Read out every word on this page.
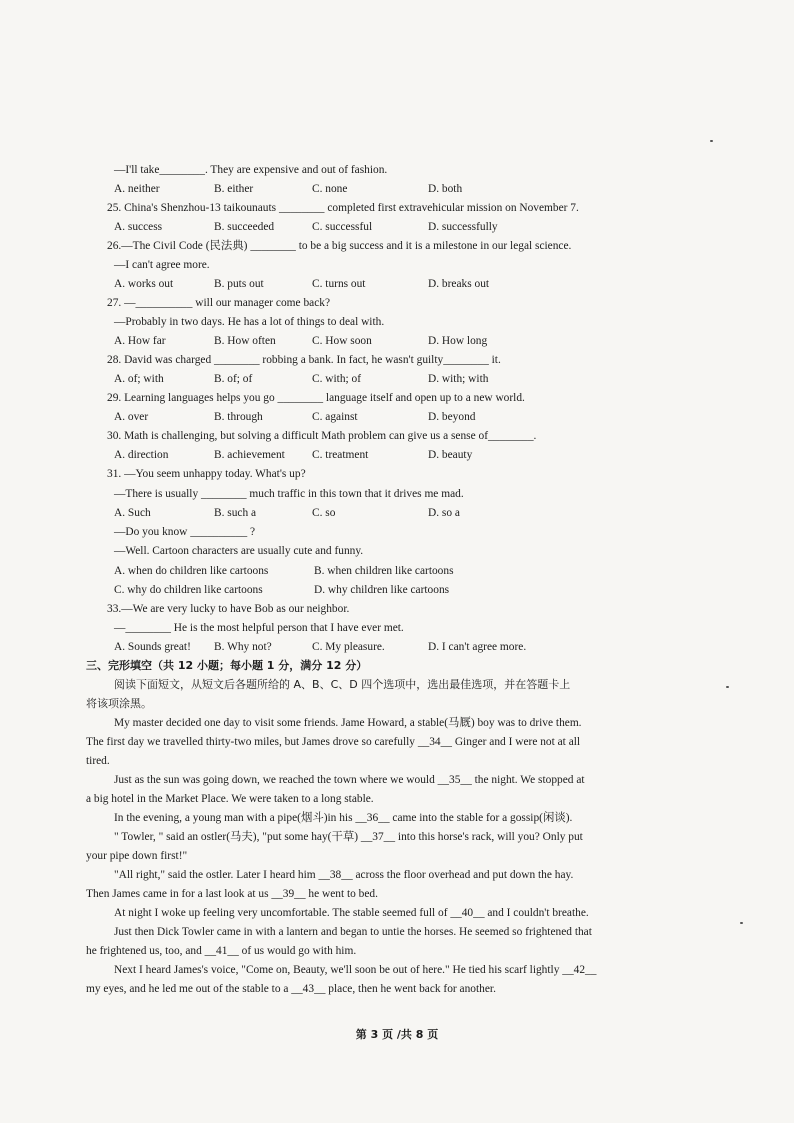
—I'll take________. They are expensive and out of fashion.
A. neither	B. either	C. none	D. both
25. China's Shenzhou-13 taikounauts ________ completed first extravehicular mission on November 7.
A. success	B. succeeded	C. successful	D. successfully
26.—The Civil Code (民法典) ________ to be a big success and it is a milestone in our legal science.
—I can't agree more.
A. works out	B. puts out	C. turns out	D. breaks out
27. —__________ will our manager come back?
—Probably in two days. He has a lot of things to deal with.
A. How far	B. How often	C. How soon	D. How long
28. David was charged ________ robbing a bank. In fact, he wasn't guilty________ it.
A. of; with	B. of; of	C. with; of	D. with; with
29. Learning languages helps you go ________ language itself and open up to a new world.
A. over	B. through	C. against	D. beyond
30. Math is challenging, but solving a difficult Math problem can give us a sense of________.
A. direction	B. achievement C. treatment	D. beauty
31. —You seem unhappy today. What's up?
—There is usually ________ much traffic in this town that it drives me mad.
A. Such	B. such a	C. so	D. so a
—Do you know __________ ?
—Well. Cartoon characters are usually cute and funny.
A. when do children like cartoons	B. when children like cartoons
C. why do children like cartoons	D. why children like cartoons
33.—We are very lucky to have Bob as our neighbor.
—________ He is the most helpful person that I have ever met.
A. Sounds great! B. Why not?	C. My pleasure.	D. I can't agree more.
三、完形填空（共 12 小题；每小题 1 分，满分 12 分）
阅读下面短文，从短文后各题所给的 A、B、C、D 四个选项中，选出最佳选项，并在答题卡上
将该项涂黑。
My master decided one day to visit some friends. Jame Howard, a stable(马厩) boy was to drive them.
The first day we travelled thirty-two miles, but James drove so carefully __34__ Ginger and I were not at all
tired.
Just as the sun was going down, we reached the town where we would __35__ the night. We stopped at
a big hotel in the Market Place. We were taken to a long stable.
In the evening, a young man with a pipe(烟斗)in his __36__ came into the stable for a gossip(闲谈).
" Towler, " said an ostler(马夫), "put some hay(干草) __37__ into this horse's rack, will you? Only put
your pipe down first!"
"All right," said the ostler. Later I heard him __38__ across the floor overhead and put down the hay.
Then James came in for a last look at us __39__ he went to bed.
At night I woke up feeling very uncomfortable. The stable seemed full of __40__ and I couldn't breathe.
Just then Dick Towler came in with a lantern and began to untie the horses. He seemed so frightened that
he frightened us, too, and __41__ of us would go with him.
Next I heard James's voice, "Come on, Beauty, we'll soon be out of here." He tied his scarf lightly __42__
my eyes, and he led me out of the stable to a __43__ place, then he went back for another.
第 3 页 /共 8 页
